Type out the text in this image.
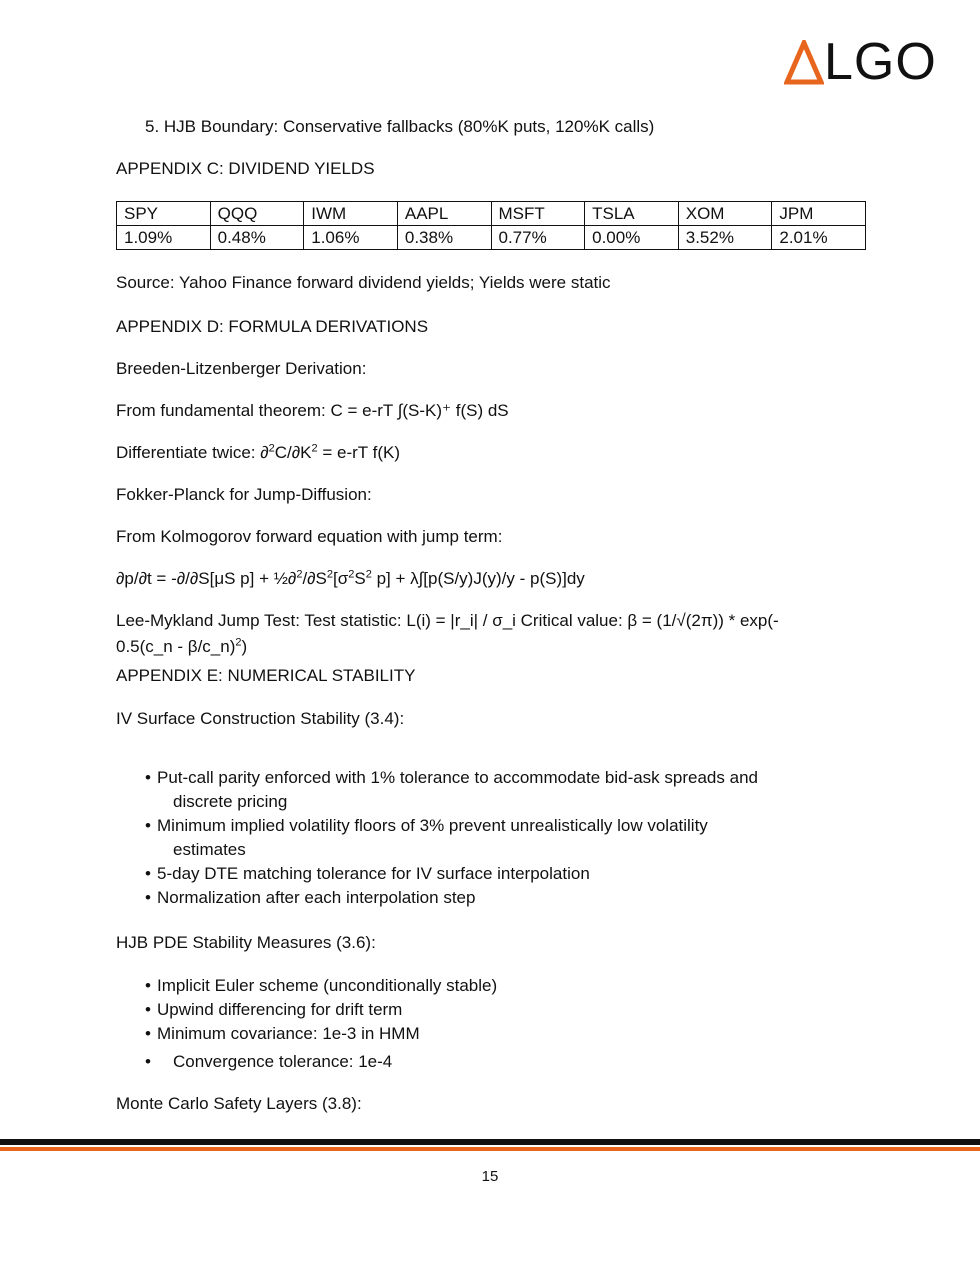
LGO
5. HJB Boundary: Conservative fallbacks (80%K puts, 120%K calls)
APPENDIX C: DIVIDEND YIELDS
SPY	QQQ	IWM	AAPL	MSFT	TSLA	XOM	JPM
1.09%	0.48%	1.06%	0.38%	0.77%	0.00%	3.52%	2.01%
Source: Yahoo Finance forward dividend yields; Yields were static
APPENDIX D: FORMULA DERIVATIONS
Breeden-Litzenberger Derivation:
From fundamental theorem: C = e-rT ∫(S-K)⁺ f(S) dS
Differentiate twice: $\partial^2C/\partial K^2 = e-rT$ f(K)
Fokker-Planck for Jump-Diffusion:
From Kolmogorov forward equation with jump term:
∂p/∂t = -∂/∂S[μS $p] + \frac{1}{2}\partial^2/\partial S^2[\sigma^2S^2$ p] + λ∫[p(S/y)J(y)/y - p(S)]dy
Lee-Mykland Jump Test: Test statistic: L(i) = |r_i| / σ_i Critical value: β = (1/√(2π)) * exp(-
0.5(c_n - β/c_n)$^2$)
APPENDIX E: NUMERICAL STABILITY
IV Surface Construction Stability (3.4):
• Put-call parity enforced with 1% tolerance to accommodate bid-ask spreads and
discrete pricing
• Minimum implied volatility floors of 3% prevent unrealistically low volatility
estimates
• 5-day DTE matching tolerance for IV surface interpolation
• Normalization after each interpolation step
HJB PDE Stability Measures (3.6):
• Implicit Euler scheme (unconditionally stable)
• Upwind differencing for drift term
• Minimum covariance: 1e-3 in HMM
• Convergence tolerance: 1e-4
Monte Carlo Safety Layers (3.8):
15
